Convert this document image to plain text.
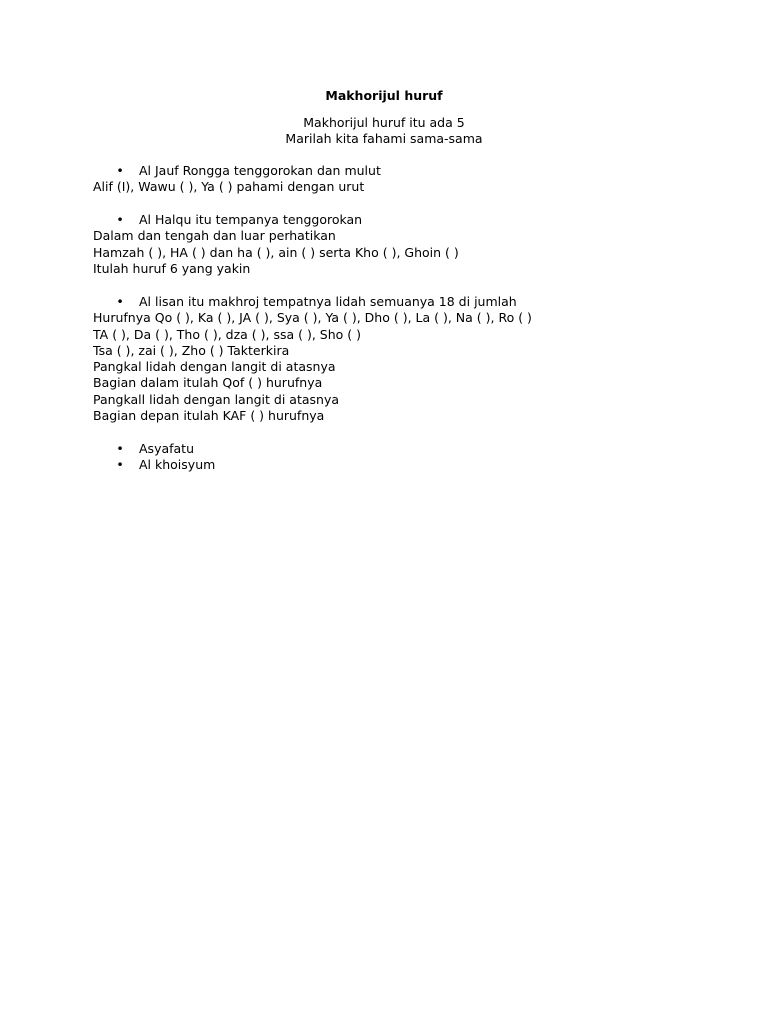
Makhorijul huruf
Makhorijul huruf itu ada 5
Marilah kita fahami sama-sama
• Al Jauf Rongga tenggorokan dan mulut
Alif (I), Wawu ( ), Ya ( ) pahami dengan urut
• Al Halqu itu tempanya tenggorokan
Dalam dan tengah dan luar perhatikan
Hamzah ( ), HA ( ) dan ha ( ), ain ( ) serta Kho ( ), Ghoin ( )
Itulah huruf 6 yang yakin
• Al lisan itu makhroj tempatnya lidah semuanya 18 di jumlah
Hurufnya Qo ( ), Ka ( ), JA ( ), Sya ( ), Ya ( ), Dho ( ), La ( ), Na ( ), Ro ( )
TA ( ), Da ( ), Tho ( ), dza ( ), ssa ( ), Sho ( )
Tsa ( ), zai ( ), Zho ( ) Takterkira
Pangkal lidah dengan langit di atasnya
Bagian dalam itulah Qof ( ) hurufnya
Pangkall lidah dengan langit di atasnya
Bagian depan itulah KAF ( ) hurufnya
• Asyafatu
• Al khoisyum
